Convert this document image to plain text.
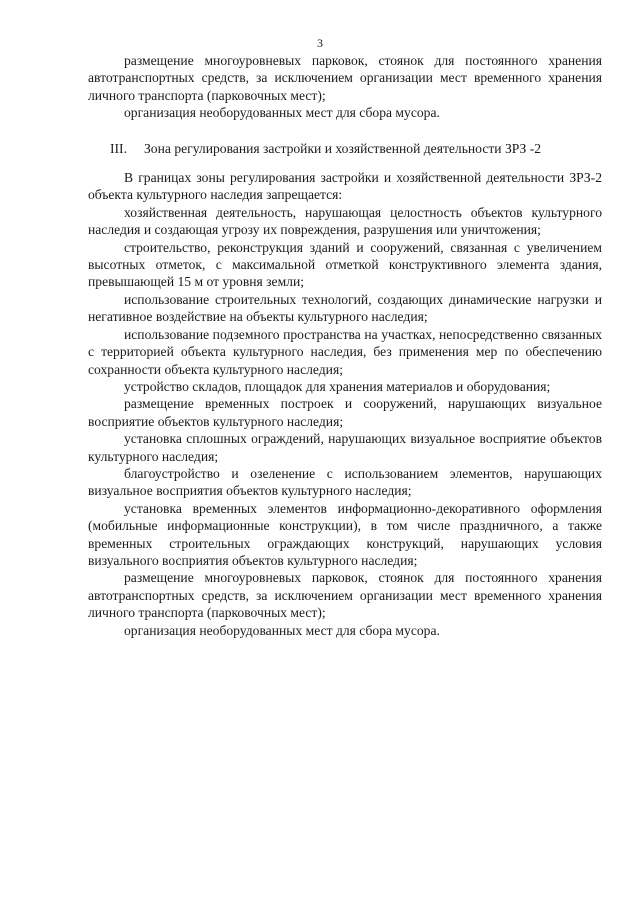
3

размещение многоуровневых парковок, стоянок для постоянного хранения автотранспортных средств, за исключением организации мест временного хранения личного транспорта (парковочных мест);

организация необорудованных мест для сбора мусора.

III.	Зона регулирования застройки и хозяйственной деятельности ЗРЗ -2

В границах зоны регулирования застройки и хозяйственной деятельности ЗРЗ-2 объекта культурного наследия запрещается:

хозяйственная деятельность, нарушающая целостность объектов культурного наследия и создающая угрозу их повреждения, разрушения или уничтожения;

строительство, реконструкция зданий и сооружений, связанная с увеличением высотных отметок, с максимальной отметкой конструктивного элемента здания, превышающей 15 м от уровня земли;

использование строительных технологий, создающих динамические нагрузки и негативное воздействие на объекты культурного наследия;

использование подземного пространства на участках, непосредственно связанных с территорией объекта культурного наследия, без применения мер по обеспечению сохранности объекта культурного наследия;

устройство складов, площадок для хранения материалов и оборудования;

размещение временных построек и сооружений, нарушающих визуальное восприятие объектов культурного наследия;

установка сплошных ограждений, нарушающих визуальное восприятие объектов культурного наследия;

благоустройство и озеленение с использованием элементов, нарушающих визуальное восприятия объектов культурного наследия;

установка временных элементов информационно-декоративного оформления (мобильные информационные конструкции), в том числе праздничного, а также временных строительных ограждающих конструкций, нарушающих условия визуального восприятия объектов культурного наследия;

размещение многоуровневых парковок, стоянок для постоянного хранения автотранспортных средств, за исключением организации мест временного хранения личного транспорта (парковочных мест);

организация необорудованных мест для сбора мусора.
